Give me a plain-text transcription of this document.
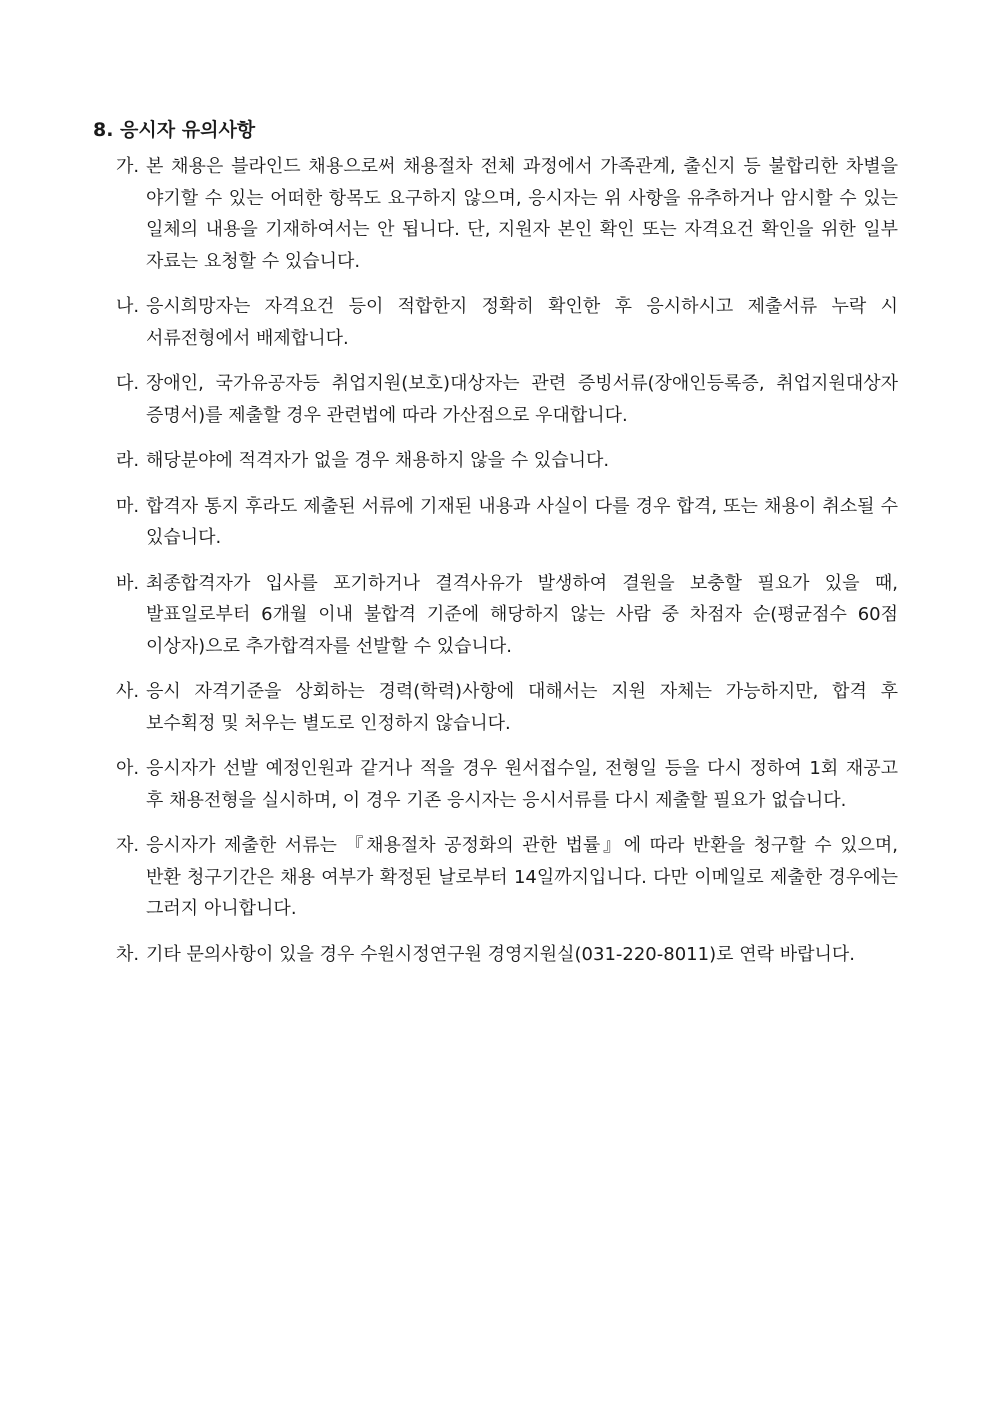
8. 응시자 유의사항
가. 본 채용은 블라인드 채용으로써 채용절차 전체 과정에서 가족관계, 출신지 등 불합리한 차별을 야기할 수 있는 어떠한 항목도 요구하지 않으며, 응시자는 위 사항을 유추하거나 암시할 수 있는 일체의 내용을 기재하여서는 안 됩니다. 단, 지원자 본인 확인 또는 자격요건 확인을 위한 일부 자료는 요청할 수 있습니다.
나. 응시희망자는 자격요건 등이 적합한지 정확히 확인한 후 응시하시고 제출서류 누락 시 서류전형에서 배제합니다.
다. 장애인, 국가유공자등 취업지원(보호)대상자는 관련 증빙서류(장애인등록증, 취업지원대상자 증명서)를 제출할 경우 관련법에 따라 가산점으로 우대합니다.
라. 해당분야에 적격자가 없을 경우 채용하지 않을 수 있습니다.
마. 합격자 통지 후라도 제출된 서류에 기재된 내용과 사실이 다를 경우 합격, 또는 채용이 취소될 수 있습니다.
바. 최종합격자가 입사를 포기하거나 결격사유가 발생하여 결원을 보충할 필요가 있을 때, 발표일로부터 6개월 이내 불합격 기준에 해당하지 않는 사람 중 차점자 순(평균점수 60점 이상자)으로 추가합격자를 선발할 수 있습니다.
사. 응시 자격기준을 상회하는 경력(학력)사항에 대해서는 지원 자체는 가능하지만, 합격 후 보수획정 및 처우는 별도로 인정하지 않습니다.
아. 응시자가 선발 예정인원과 같거나 적을 경우 원서접수일, 전형일 등을 다시 정하여 1회 재공고 후 채용전형을 실시하며, 이 경우 기존 응시자는 응시서류를 다시 제출할 필요가 없습니다.
자. 응시자가 제출한 서류는 『채용절차 공정화의 관한 법률』에 따라 반환을 청구할 수 있으며, 반환 청구기간은 채용 여부가 확정된 날로부터 14일까지입니다. 다만 이메일로 제출한 경우에는 그러지 아니합니다.
차. 기타 문의사항이 있을 경우 수원시정연구원 경영지원실(031-220-8011)로 연락 바랍니다.
